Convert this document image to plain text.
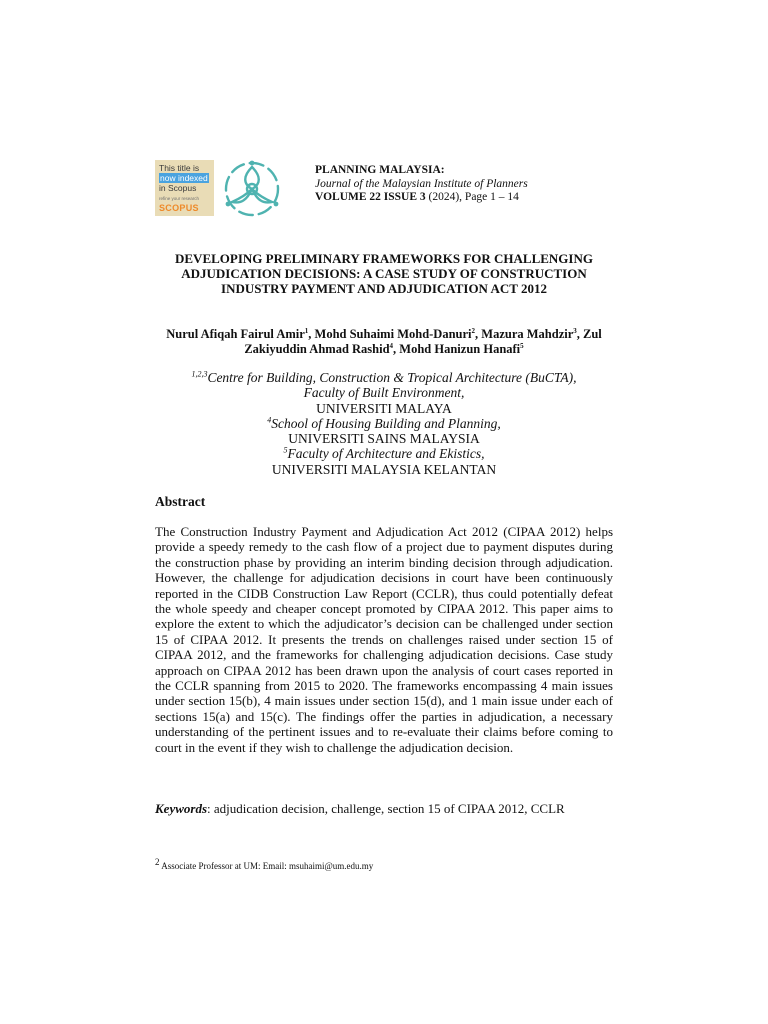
This title is
now indexed
in Scopus
refine your research
SCOPUS
PLANNING MALAYSIA:
Journal of the Malaysian Institute of Planners
VOLUME 22 ISSUE 3 (2024), Page 1 – 14
DEVELOPING PRELIMINARY FRAMEWORKS FOR CHALLENGING ADJUDICATION DECISIONS: A CASE STUDY OF CONSTRUCTION INDUSTRY PAYMENT AND ADJUDICATION ACT 2012
Nurul Afiqah Fairul Amir$^1$, Mohd Suhaimi Mohd-Danuri$^2$, Mazura Mahdzir$^3$, Zul Zakiyuddin Ahmad Rashid$^4$, Mohd Hanizun Hanafi$^5$
$^{1,2,3}$Centre for Building, Construction & Tropical Architecture (BuCTA),
Faculty of Built Environment,
UNIVERSITI MALAYA
$^4$School of Housing Building and Planning,
UNIVERSITI SAINS MALAYSIA
$^5$Faculty of Architecture and Ekistics,
UNIVERSITI MALAYSIA KELANTAN
Abstract

The Construction Industry Payment and Adjudication Act 2012 (CIPAA 2012) helps provide a speedy remedy to the cash flow of a project due to payment disputes during the construction phase by providing an interim binding decision through adjudication. However, the challenge for adjudication decisions in court have been continuously reported in the CIDB Construction Law Report (CCLR), thus could potentially defeat the whole speedy and cheaper concept promoted by CIPAA 2012. This paper aims to explore the extent to which the adjudicator’s decision can be challenged under section 15 of CIPAA 2012. It presents the trends on challenges raised under section 15 of CIPAA 2012, and the frameworks for challenging adjudication decisions. Case study approach on CIPAA 2012 has been drawn upon the analysis of court cases reported in the CCLR spanning from 2015 to 2020. The frameworks encompassing 4 main issues under section 15(b), 4 main issues under section 15(d), and 1 main issue under each of sections 15(a) and 15(c). The findings offer the parties in adjudication, a necessary understanding of the pertinent issues and to re-evaluate their claims before coming to court in the event if they wish to challenge the adjudication decision.

Keywords: adjudication decision, challenge, section 15 of CIPAA 2012, CCLR
$^2$ Associate Professor at UM: Email: msuhaimi@um.edu.my
